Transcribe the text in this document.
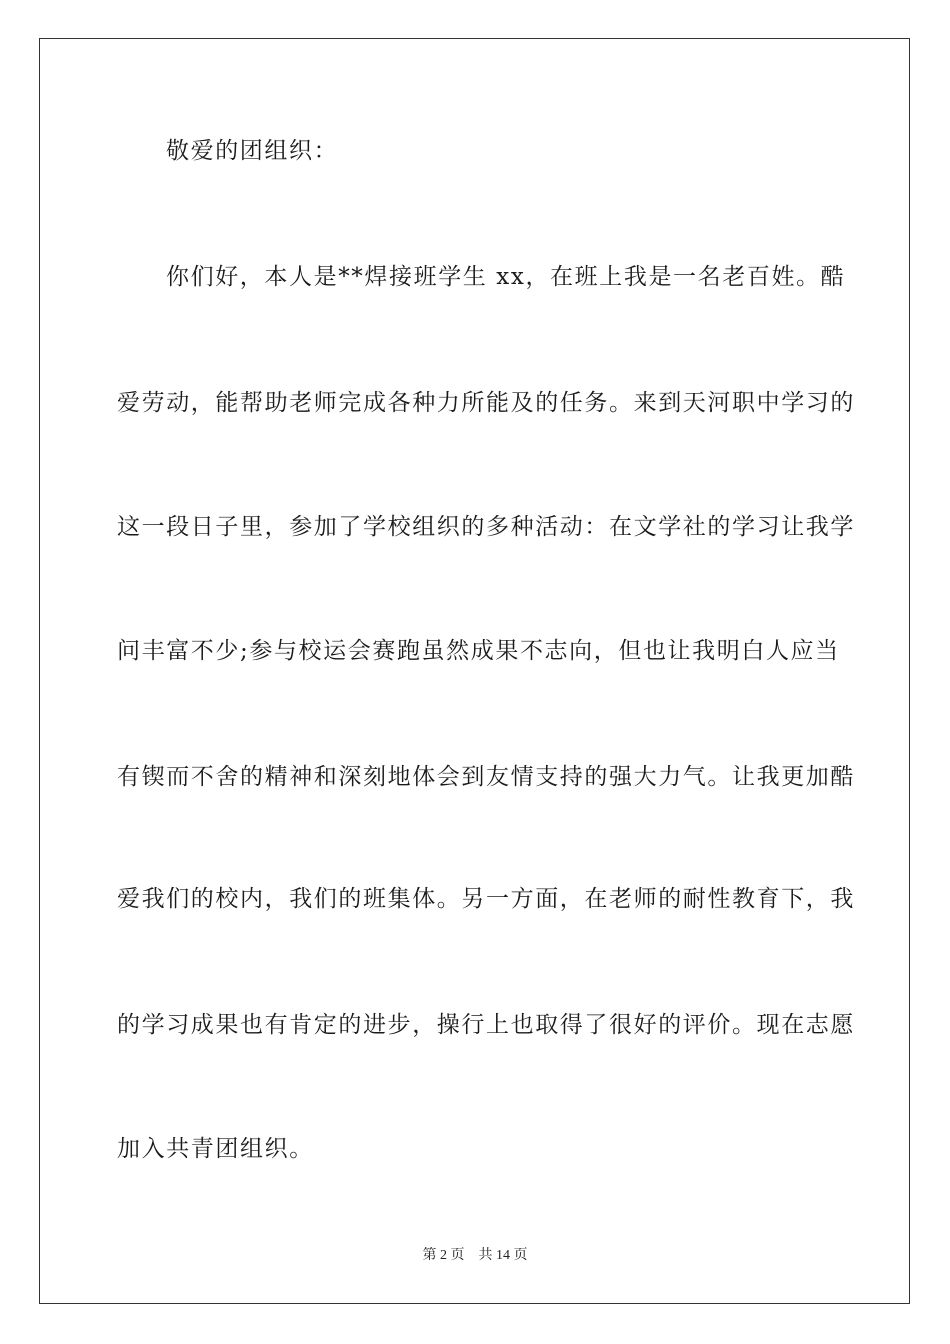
敬爱的团组织：
你们好，本人是**焊接班学生 xx，在班上我是一名老百姓。酷
爱劳动，能帮助老师完成各种力所能及的任务。来到天河职中学习的
这一段日子里，参加了学校组织的多种活动：在文学社的学习让我学
问丰富不少;参与校运会赛跑虽然成果不志向，但也让我明白人应当
有锲而不舍的精神和深刻地体会到友情支持的强大力气。让我更加酷
爱我们的校内，我们的班集体。另一方面，在老师的耐性教育下，我
的学习成果也有肯定的进步，操行上也取得了很好的评价。现在志愿
加入共青团组织。
第 2 页 共 14 页
